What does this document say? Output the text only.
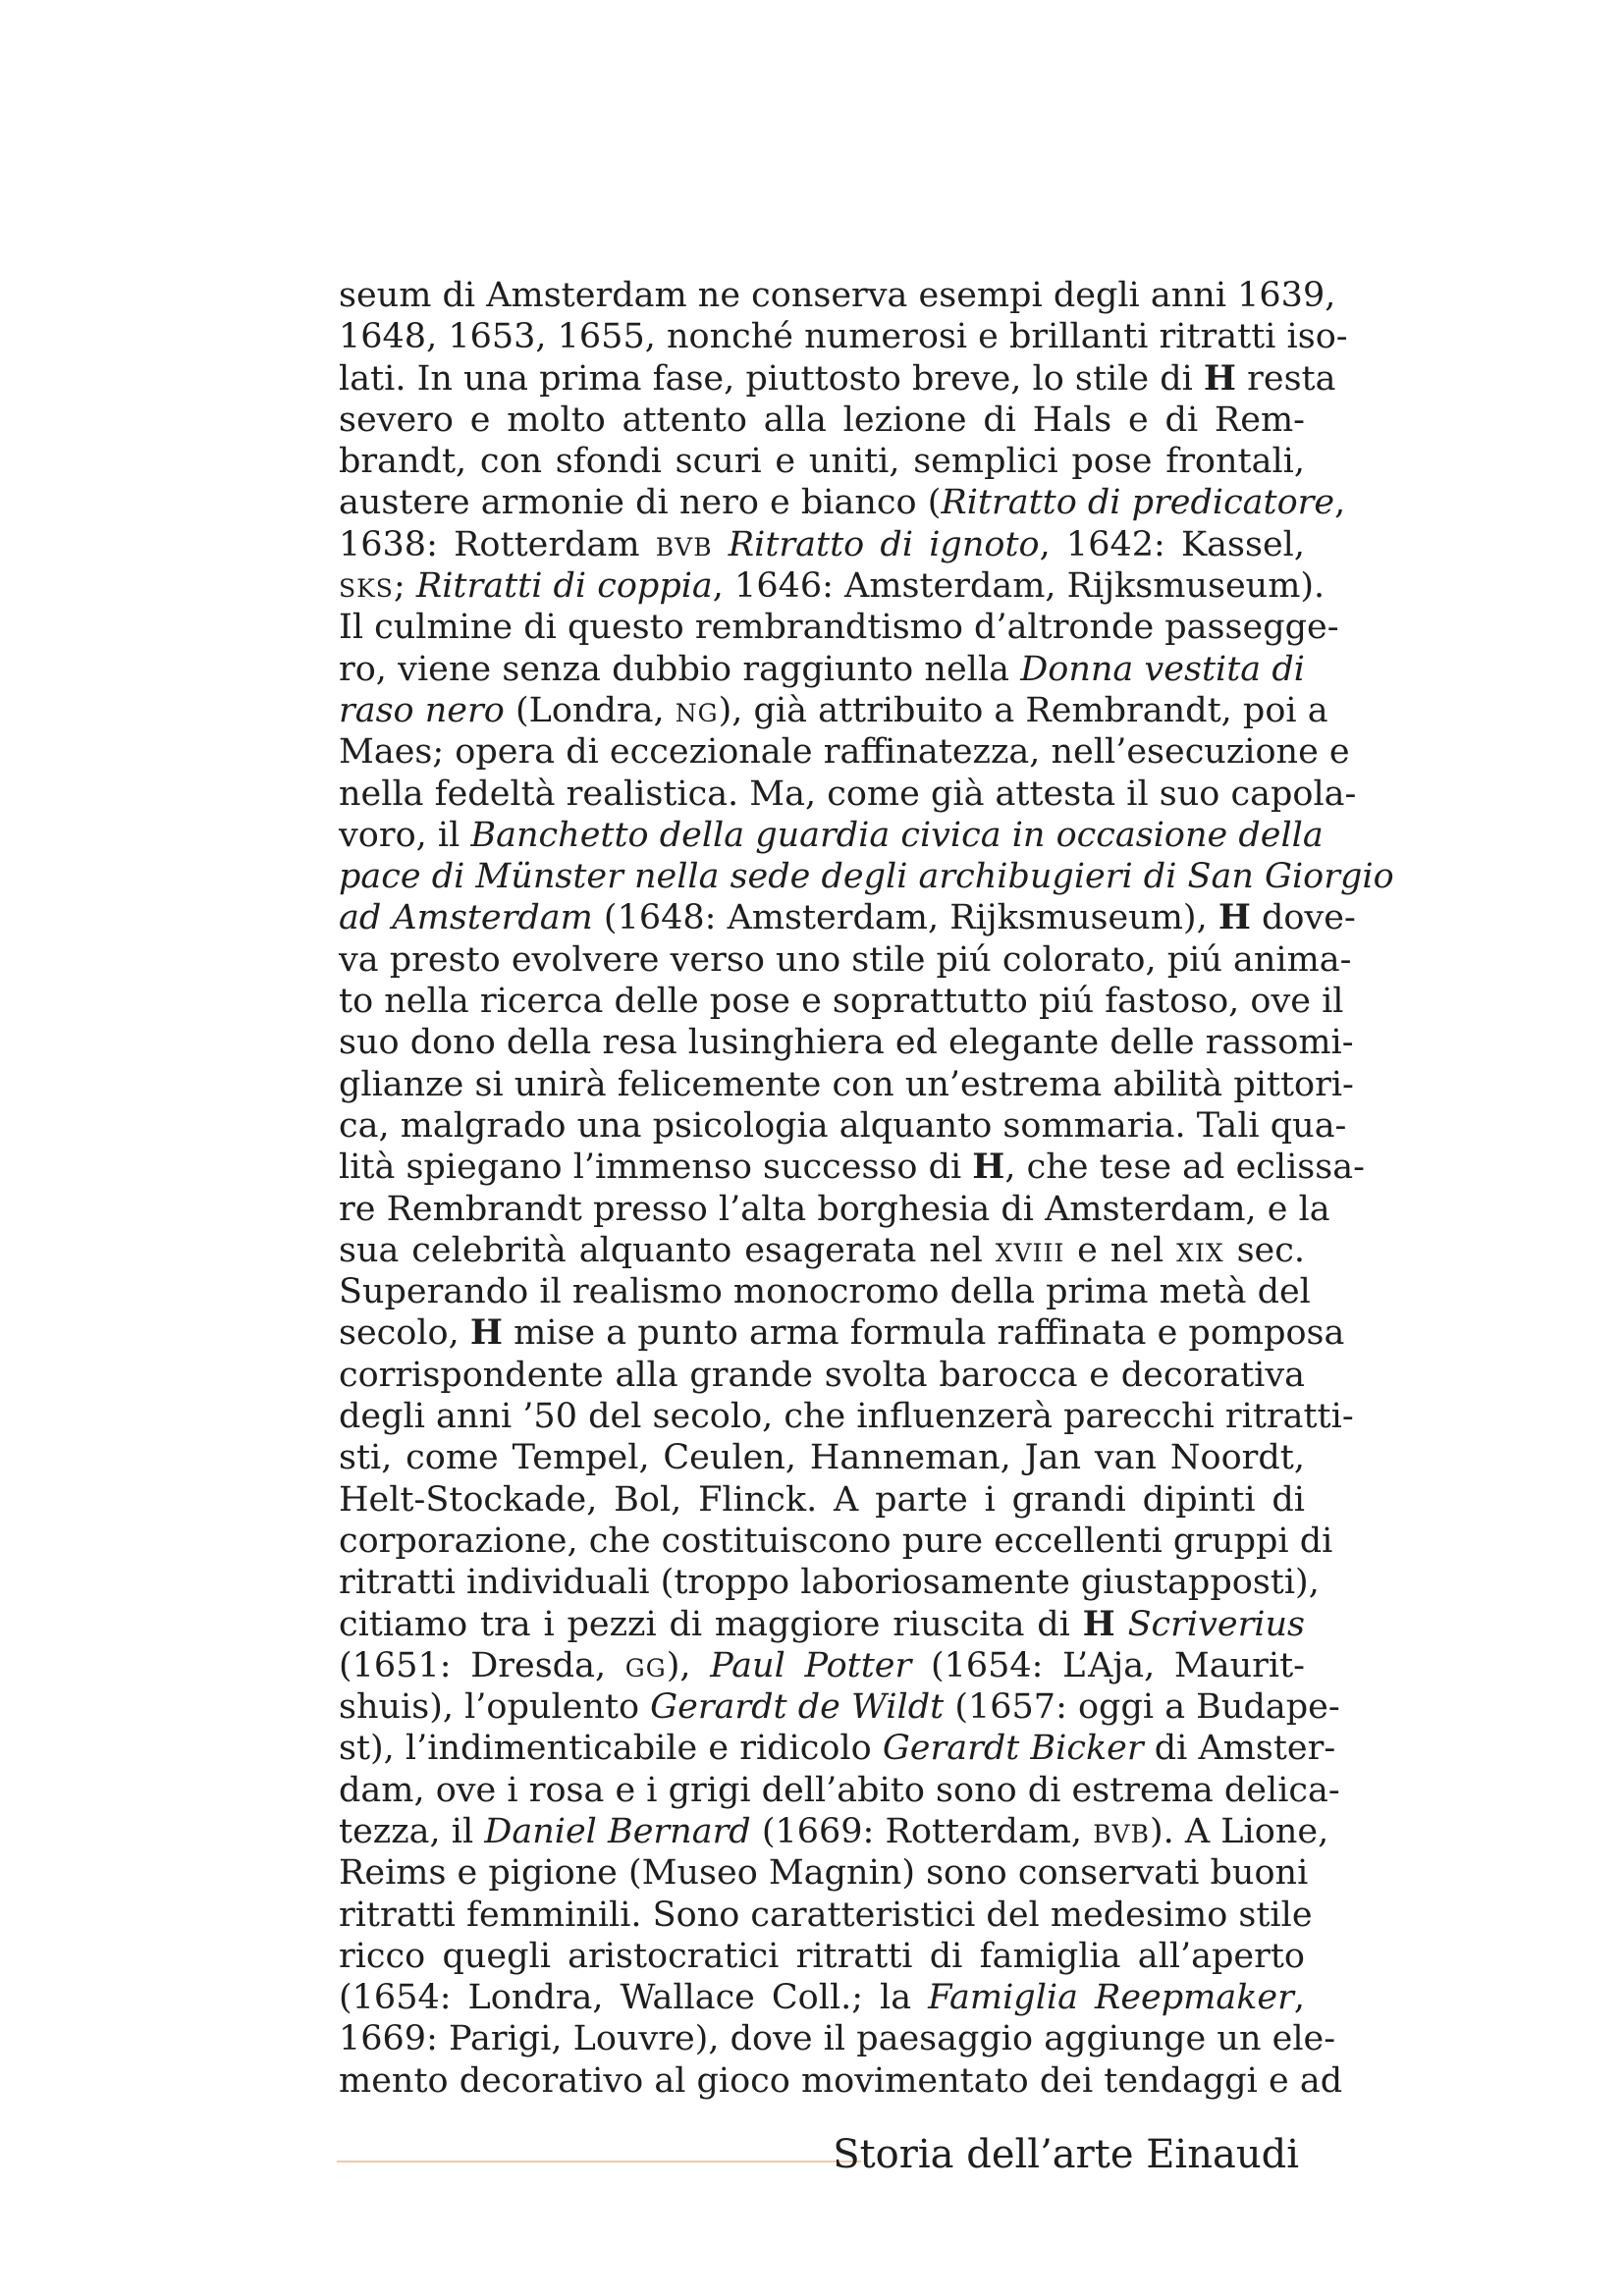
seum di Amsterdam ne conserva esempi degli anni 1639,
1648, 1653, 1655, nonché numerosi e brillanti ritratti iso-
lati. In una prima fase, piuttosto breve, lo stile di H resta
severo e molto attento alla lezione di Hals e di Rem-
brandt, con sfondi scuri e uniti, semplici pose frontali,
austere armonie di nero e bianco (Ritratto di predicatore,
1638: Rotterdam BVB Ritratto di ignoto, 1642: Kassel,
SKS; Ritratti di coppia, 1646: Amsterdam, Rijksmuseum).
Il culmine di questo rembrandtismo d’altronde passegge-
ro, viene senza dubbio raggiunto nella Donna vestita di
raso nero (Londra, NG), già attribuito a Rembrandt, poi a
Maes; opera di eccezionale raffinatezza, nell’esecuzione e
nella fedeltà realistica. Ma, come già attesta il suo capola-
voro, il Banchetto della guardia civica in occasione della
pace di Münster nella sede degli archibugieri di San Giorgio
ad Amsterdam (1648: Amsterdam, Rijksmuseum), H dove-
va presto evolvere verso uno stile piú colorato, piú anima-
to nella ricerca delle pose e soprattutto piú fastoso, ove il
suo dono della resa lusinghiera ed elegante delle rassomi-
glianze si unirà felicemente con un’estrema abilità pittori-
ca, malgrado una psicologia alquanto sommaria. Tali qua-
lità spiegano l’immenso successo di H, che tese ad eclissa-
re Rembrandt presso l’alta borghesia di Amsterdam, e la
sua celebrità alquanto esagerata nel XVIII e nel XIX sec.
Superando il realismo monocromo della prima metà del
secolo, H mise a punto arma formula raffinata e pomposa
corrispondente alla grande svolta barocca e decorativa
degli anni ’50 del secolo, che influenzerà parecchi ritratti-
sti, come Tempel, Ceulen, Hanneman, Jan van Noordt,
Helt-Stockade, Bol, Flinck. A parte i grandi dipinti di
corporazione, che costituiscono pure eccellenti gruppi di
ritratti individuali (troppo laboriosamente giustapposti),
citiamo tra i pezzi di maggiore riuscita di H Scriverius
(1651: Dresda, GG), Paul Potter (1654: L’Aja, Maurit-
shuis), l’opulento Gerardt de Wildt (1657: oggi a Budape-
st), l’indimenticabile e ridicolo Gerardt Bicker di Amster-
dam, ove i rosa e i grigi dell’abito sono di estrema delica-
tezza, il Daniel Bernard (1669: Rotterdam, BVB). A Lione,
Reims e pigione (Museo Magnin) sono conservati buoni
ritratti femminili. Sono caratteristici del medesimo stile
ricco quegli aristocratici ritratti di famiglia all’aperto
(1654: Londra, Wallace Coll.; la Famiglia Reepmaker,
1669: Parigi, Louvre), dove il paesaggio aggiunge un ele-
mento decorativo al gioco movimentato dei tendaggi e ad
Storia dell’arte Einaudi
